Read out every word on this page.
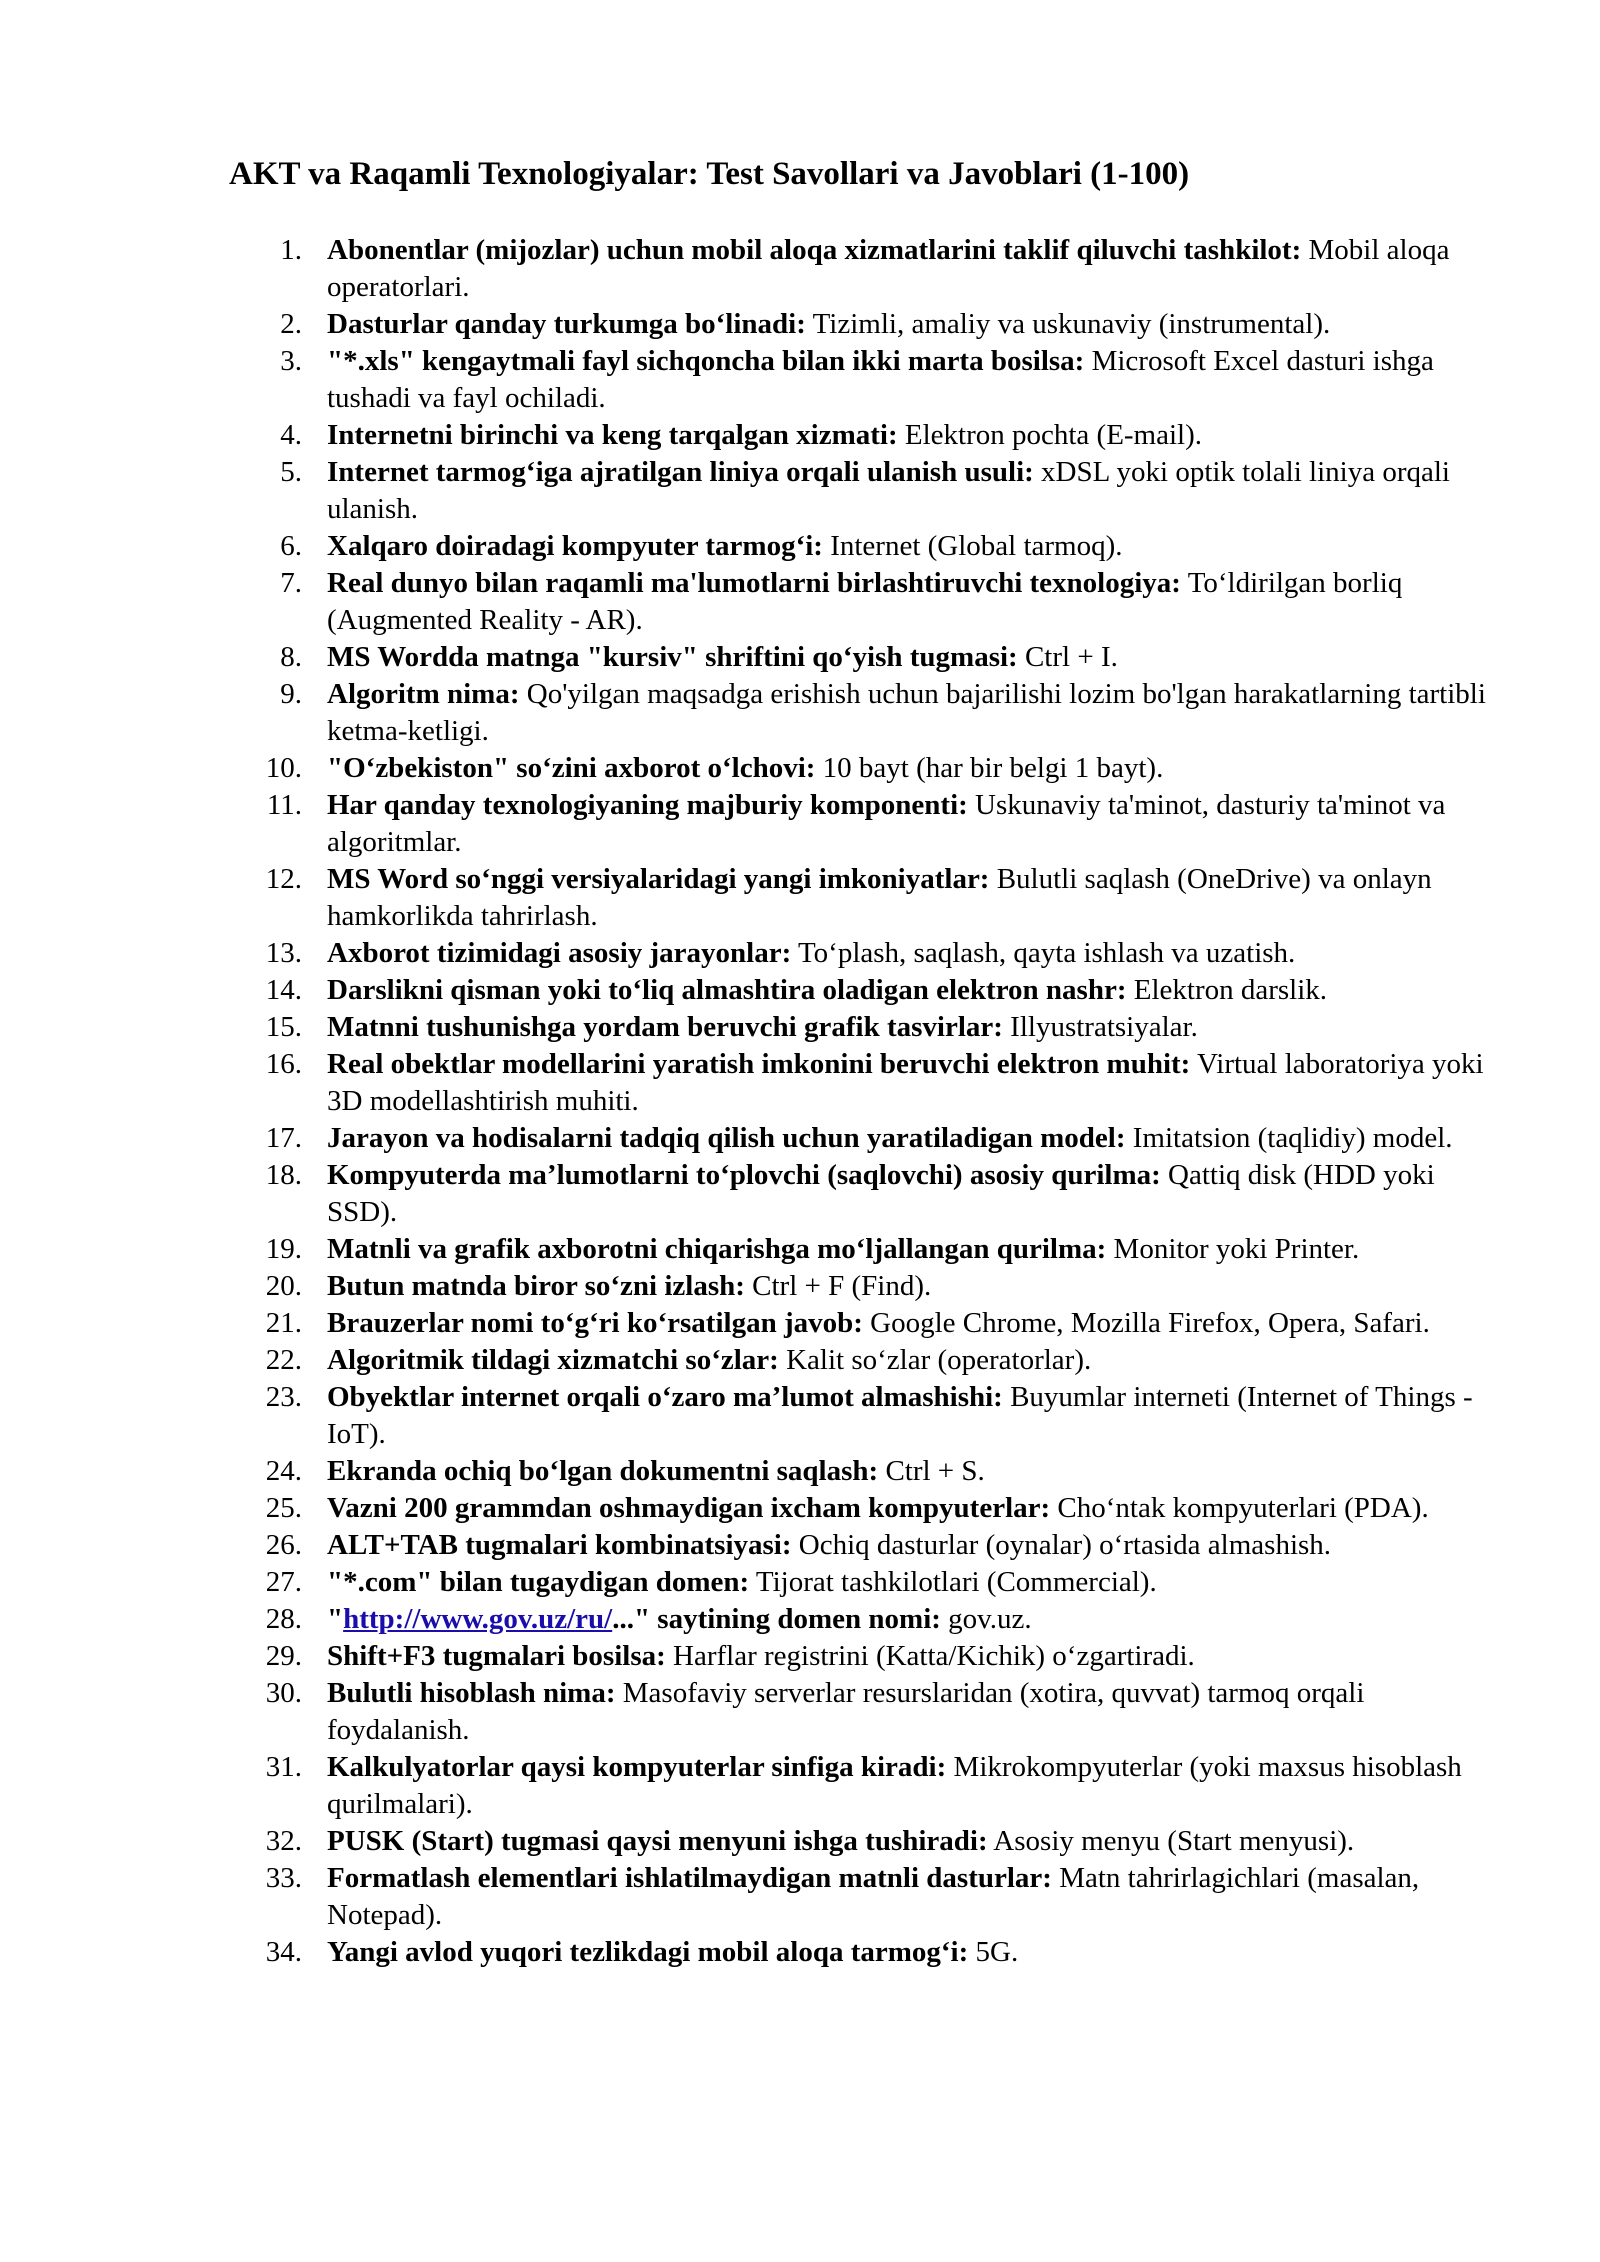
AKT va Raqamli Texnologiyalar: Test Savollari va Javoblari (1-100)
1. Abonentlar (mijozlar) uchun mobil aloqa xizmatlarini taklif qiluvchi tashkilot: Mobil aloqa operatorlari.
2. Dasturlar qanday turkumga bo‘linadi: Tizimli, amaliy va uskunaviy (instrumental).
3. "*.xls" kengaytmali fayl sichqoncha bilan ikki marta bosilsa: Microsoft Excel dasturi ishga tushadi va fayl ochiladi.
4. Internetni birinchi va keng tarqalgan xizmati: Elektron pochta (E-mail).
5. Internet tarmog‘iga ajratilgan liniya orqali ulanish usuli: xDSL yoki optik tolali liniya orqali ulanish.
6. Xalqaro doiradagi kompyuter tarmog‘i: Internet (Global tarmoq).
7. Real dunyo bilan raqamli ma'lumotlarni birlashtiruvchi texnologiya: To‘ldirilgan borliq (Augmented Reality - AR).
8. MS Wordda matnga "kursiv" shriftini qo‘yish tugmasi: Ctrl + I.
9. Algoritm nima: Qo'yilgan maqsadga erishish uchun bajarilishi lozim bo'lgan harakatlarning tartibli ketma-ketligi.
10. "O‘zbekiston" so‘zini axborot o‘lchovi: 10 bayt (har bir belgi 1 bayt).
11. Har qanday texnologiyaning majburiy komponenti: Uskunaviy ta'minot, dasturiy ta'minot va algoritmlar.
12. MS Word so‘nggi versiyalaridagi yangi imkoniyatlar: Bulutli saqlash (OneDrive) va onlayn hamkorlikda tahrirlash.
13. Axborot tizimidagi asosiy jarayonlar: To‘plash, saqlash, qayta ishlash va uzatish.
14. Darslikni qisman yoki to‘liq almashtira oladigan elektron nashr: Elektron darslik.
15. Matnni tushunishga yordam beruvchi grafik tasvirlar: Illyustratsiyalar.
16. Real obektlar modellarini yaratish imkonini beruvchi elektron muhit: Virtual laboratoriya yoki 3D modellashtirish muhiti.
17. Jarayon va hodisalarni tadqiq qilish uchun yaratiladigan model: Imitatsion (taqlidiy) model.
18. Kompyuterda ma’lumotlarni to‘plovchi (saqlovchi) asosiy qurilma: Qattiq disk (HDD yoki SSD).
19. Matnli va grafik axborotni chiqarishga mo‘ljallangan qurilma: Monitor yoki Printer.
20. Butun matnda biror so‘zni izlash: Ctrl + F (Find).
21. Brauzerlar nomi to‘g‘ri ko‘rsatilgan javob: Google Chrome, Mozilla Firefox, Opera, Safari.
22. Algoritmik tildagi xizmatchi so‘zlar: Kalit so‘zlar (operatorlar).
23. Obyektlar internet orqali o‘zaro ma’lumot almashishi: Buyumlar interneti (Internet of Things - IoT).
24. Ekranda ochiq bo‘lgan dokumentni saqlash: Ctrl + S.
25. Vazni 200 grammdan oshmaydigan ixcham kompyuterlar: Cho‘ntak kompyuterlari (PDA).
26. ALT+TAB tugmalari kombinatsiyasi: Ochiq dasturlar (oynalar) o‘rtasida almashish.
27. "*.com" bilan tugaydigan domen: Tijorat tashkilotlari (Commercial).
28. "http://www.gov.uz/ru/..." saytining domen nomi: gov.uz.
29. Shift+F3 tugmalari bosilsa: Harflar registrini (Katta/Kichik) o‘zgartiradi.
30. Bulutli hisoblash nima: Masofaviy serverlar resurslaridan (xotira, quvvat) tarmoq orqali foydalanish.
31. Kalkulyatorlar qaysi kompyuterlar sinfiga kiradi: Mikrokompyuterlar (yoki maxsus hisoblash qurilmalari).
32. PUSK (Start) tugmasi qaysi menyuni ishga tushiradi: Asosiy menyu (Start menyusi).
33. Formatlash elementlari ishlatilmaydigan matnli dasturlar: Matn tahrirlagichlari (masalan, Notepad).
34. Yangi avlod yuqori tezlikdagi mobil aloqa tarmog‘i: 5G.
